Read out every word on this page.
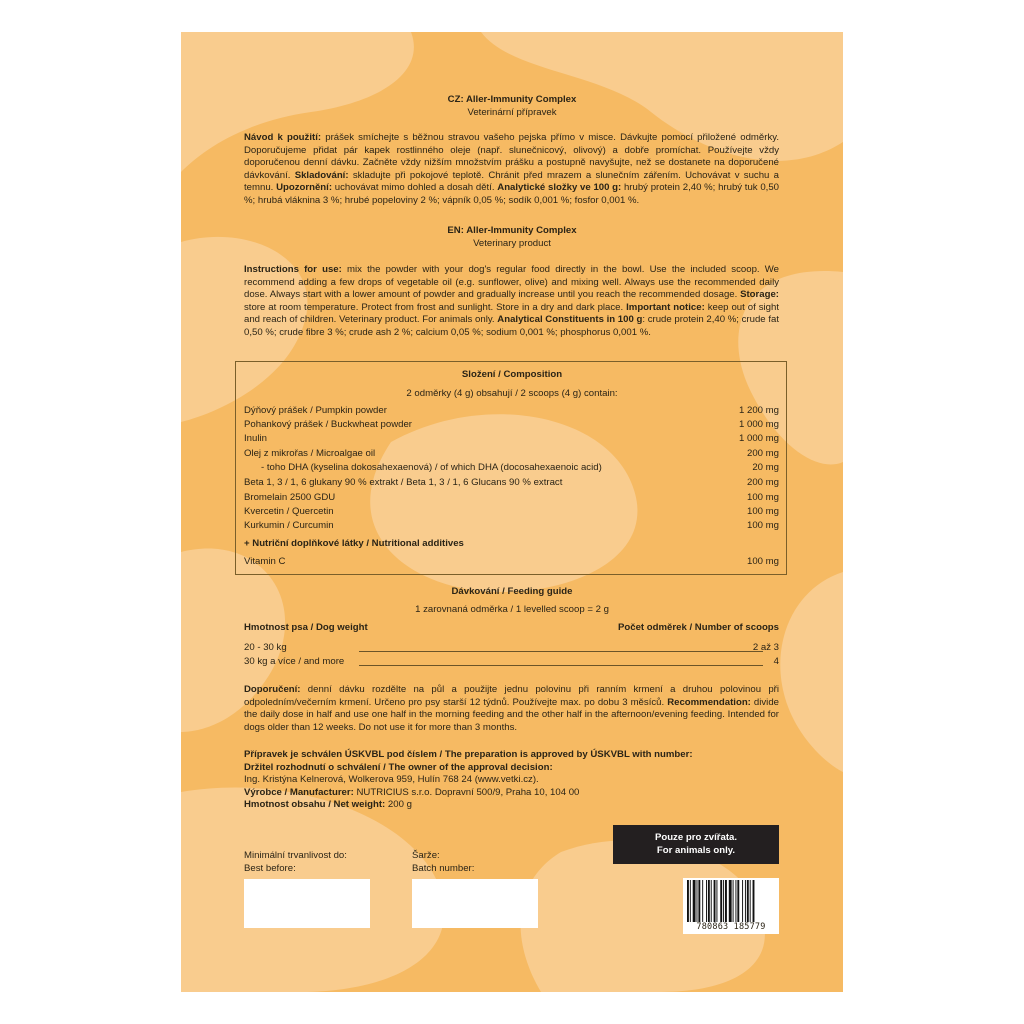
CZ: Aller-Immunity Complex
Veterinární přípravek
Návod k použití: prášek smíchejte s běžnou stravou vašeho pejska přímo v misce. Dávkujte pomocí přiložené odměrky. Doporučujeme přidat pár kapek rostlinného oleje (např. slunečnicový, olivový) a dobře promíchat. Používejte vždy doporučenou denní dávku. Začněte vždy nižším množstvím prášku a postupně navyšujte, než se dostanete na doporučené dávkování. Skladování: skladujte při pokojové teplotě. Chránit před mrazem a slunečním zářením. Uchovávat v suchu a temnu. Upozornění: uchovávat mimo dohled a dosah dětí. Analytické složky ve 100 g: hrubý protein 2,40 %; hrubý tuk 0,50 %; hrubá vláknina 3 %; hrubé popeloviny 2 %; vápník 0,05 %; sodík 0,001 %; fosfor 0,001 %.
EN: Aller-Immunity Complex
Veterinary product
Instructions for use: mix the powder with your dog's regular food directly in the bowl. Use the included scoop. We recommend adding a few drops of vegetable oil (e.g. sunflower, olive) and mixing well. Always use the recommended daily dose. Always start with a lower amount of powder and gradually increase until you reach the recommended dosage. Storage: store at room temperature. Protect from frost and sunlight. Store in a dry and dark place. Important notice: keep out of sight and reach of children. Veterinary product. For animals only. Analytical Constituents in 100 g: crude protein 2,40 %; crude fat 0,50 %; crude fibre 3 %; crude ash 2 %; calcium 0,05 %; sodium 0,001 %; phosphorus 0,001 %.
Složení / Composition
2 odměrky (4 g) obsahují / 2 scoops (4 g) contain:
Dýňový prášek / Pumpkin powder	1 200 mg
Pohankový prášek / Buckwheat powder	1 000 mg
Inulin	1 000 mg
Olej z mikrořas / Microalgae oil	200 mg
- toho DHA (kyselina dokosahexaenová) / of which DHA (docosahexaenoic acid)	20 mg
Beta 1, 3 / 1, 6 glukany 90 % extrakt / Beta 1, 3 / 1, 6 Glucans 90 % extract	200 mg
Bromelain 2500 GDU	100 mg
Kvercetin / Quercetin	100 mg
Kurkumin / Curcumin	100 mg
+ Nutriční doplňkové látky / Nutritional additives
Vitamin C	100 mg
Dávkování / Feeding guide
1 zarovnaná odměrka / 1 levelled scoop = 2 g
Hmotnost psa / Dog weight	Počet odměrek / Number of scoops
20 - 30 kg	2 až 3
30 kg a více / and more	4
Doporučení: denní dávku rozdělte na půl a použijte jednu polovinu při ranním krmení a druhou polovinou při odpoledním/večerním krmení. Určeno pro psy starší 12 týdnů. Používejte max. po dobu 3 měsíců. Recommendation: divide the daily dose in half and use one half in the morning feeding and the other half in the afternoon/evening feeding. Intended for dogs older than 12 weeks. Do not use it for more than 3 months.
Přípravek je schválen ÚSKVBL pod číslem / The preparation is approved by ÚSKVBL with number:
Držitel rozhodnutí o schválení / The owner of the approval decision:
Ing. Kristýna Kelnerová, Wolkerova 959, Hulín 768 24 (www.vetki.cz).
Výrobce / Manufacturer: NUTRICIUS s.r.o. Dopravní 500/9, Praha 10, 104 00
Hmotnost obsahu / Net weight: 200 g
Pouze pro zvířata.
For animals only.
Minimální trvanlivost do:
Best before:
Šarže:
Batch number:
780863 185779
